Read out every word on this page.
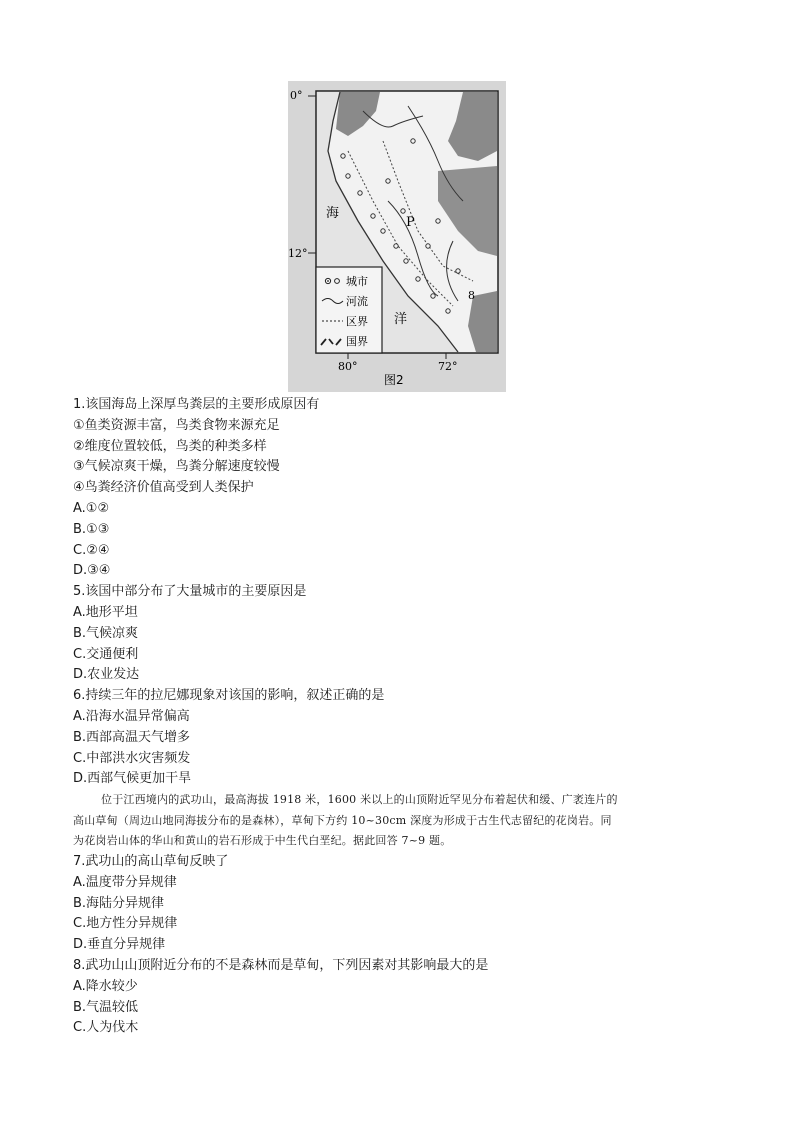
0°
12°
80°	72°
海
洋
P
8
城市
河流
区界
国界
图2
1.该国海岛上深厚鸟粪层的主要形成原因有
①鱼类资源丰富，鸟类食物来源充足
②维度位置较低，鸟类的种类多样
③气候凉爽干燥，鸟粪分解速度较慢
④鸟粪经济价值高受到人类保护
A.①②
B.①③
C.②④
D.③④
5.该国中部分布了大量城市的主要原因是
A.地形平坦
B.气候凉爽
C.交通便利
D.农业发达
6.持续三年的拉尼娜现象对该国的影响，叙述正确的是
A.沿海水温异常偏高
B.西部高温天气增多
C.中部洪水灾害频发
D.西部气候更加干旱
位于江西境内的武功山，最高海拔 1918 米，1600 米以上的山顶附近罕见分布着起伏和缓、广袤连片的
高山草甸（周边山地同海拔分布的是森林），草甸下方约 10~30cm 深度为形成于古生代志留纪的花岗岩。同
为花岗岩山体的华山和黄山的岩石形成于中生代白垩纪。据此回答 7~9 题。
7.武功山的高山草甸反映了
A.温度带分异规律
B.海陆分异规律
C.地方性分异规律
D.垂直分异规律
8.武功山山顶附近分布的不是森林而是草甸，下列因素对其影响最大的是
A.降水较少
B.气温较低
C.人为伐木
